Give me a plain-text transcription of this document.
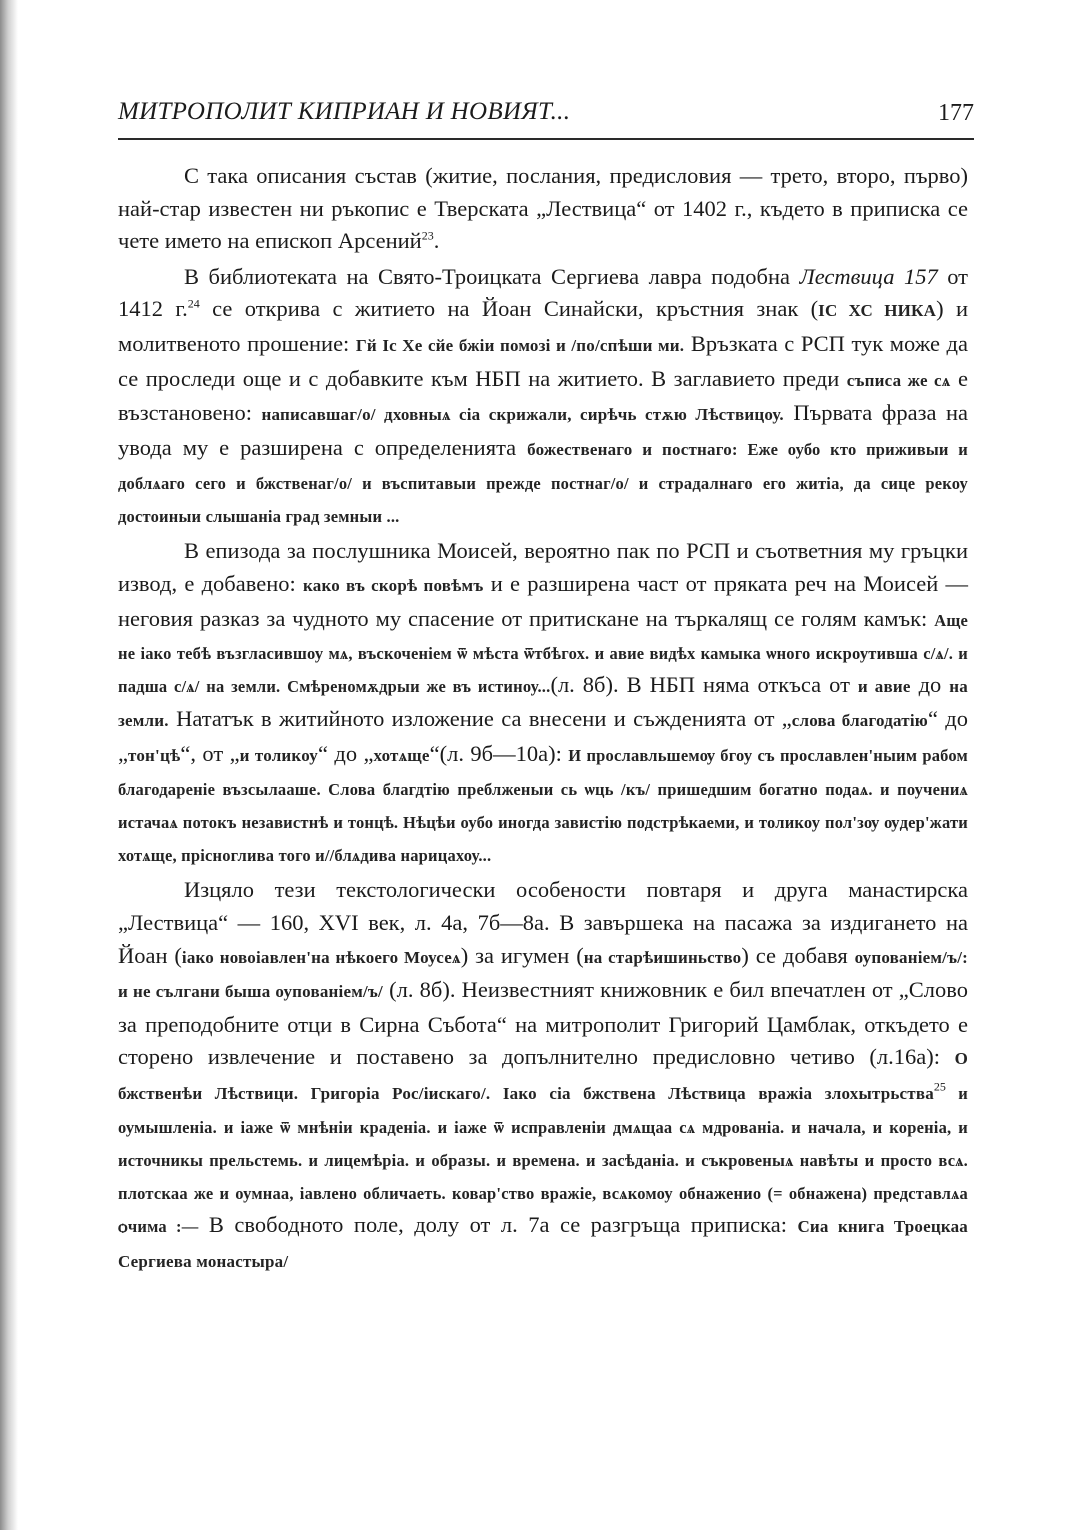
МИТРОПОЛИТ КИПРИАН И НОВИЯТ...	177

С така описания състав (житие, послания, предисловия — трето, второ, първо) най-стар известен ни ръкопис е Тверската „Лествица“ от 1402 г., където в приписка се чете името на епископ Арсений$^{23}$.

В библиотеката на Свято-Троицката Сергиева лавра подобна Лествица 157 от 1412 г.$^{24}$ се открива с житието на Йоан Синайски, кръстния знак (ІС ХС НИКА) и молитвеното прошение: Гй Іс Хе сйе бжіи помозі и /по/спѣши ми. Връзката с РСП тук може да се проследи още и с добавките към НБП на житието. В заглавието преди съписа же сѧ е възстановено: написавшаг/о/ дховныѧ сіа скрижали, сирѣчь стѫю Лѣствицоу. Първата фраза на увода му е разширена с определенията божественаго и постнаго: Еже оубо кто приживыи и доблѧаго сего и бжственаг/о/ и въспитавыи прежде постнаг/о/ и страдалнаго его житіа, да сице рекоу достоиныи слышаніа град земныи ...

В епизода за послушника Моисей, вероятно пак по РСП и съответния му гръцки извод, е добавено: како въ скорѣ повѣмъ и е разширена част от пряката реч на Моисей — неговия разказ за чудното му спасение от притискане на търкалящ се голям камък: Аще не іако тебѣ възгласившоу мѧ, въскоченіем ѿ мѣста ѿтбѣгох. и авие видѣх камыка ѡного искроутивша с/ѧ/. и падша с/ѧ/ на земли. Смѣреномѫдрыи же въ истиноу...(л. 8б). В НБП няма откъса от и авие до на земли. Нататък в житийното изложение са внесени и съжденията от „слова благодатію“ до „тон'цѣ“, от „и толикоу“ до „хотѧще“(л. 9б—10а): И прославльшемѹ бгоу съ прославлен'ныим рабом благодареніе възсылааше. Слова благдтію преблженыи сь ѡць /къ/ пришедшим богатно подаѧ. и поучениѧ истачаѧ потокъ независтнѣ и тонцѣ. Нѣцѣи оубо иногда завистію подстрѣкаеми, и толикоу пол'зѹ ѹдер'жати хотѧще, прісноглива того и//блѧдива нарицахоу...

Изцяло тези текстологически особености повтаря и друга манастирска „Лествица“ — 160, XVI век, л. 4а, 7б—8а. В завършека на пасажа за издигането на Йоан (іако новоіавлен'на нѣкоего Моусеѧ) за игумен (на старѣишиньство) се добавя оупованіем/ъ/: и не сългани быша оупованіем/ъ/ (л. 8б). Неизвестният книжовник е бил впечатлен от „Слово за преподобните отци в Сирна Събота“ на митрополит Григорий Цамблак, откъдето е сторено извлечение и поставено за допълнително предисловно четиво (л.16а): О бжственѣи Лѣствици. Григоріа Рос/іискаго/. Іако сіа бжствена Лѣствица вражіа злохытрьства$^{25}$ и оумышленіа. и іаже ѿ мнѣніи краденіа. и іаже ѿ исправленіи дмѧщаа сѧ мдрованіа. и начала, и кореніа, и источникы прельстемь. и лицемѣріа. и образы. и времена. и засѣданіа. и съкровеныѧ навѣты и просто всѧ. плотскаа же и оумнаа, іавлено обличаеть. ковар'ство вражіе, всѧкомоу обнаженио (= обнажена) представлѧа ѻчима :— В свободното поле, долу от л. 7а се разгръща приписка: Сиа книга Троецкаа Сергиева монастыра/
